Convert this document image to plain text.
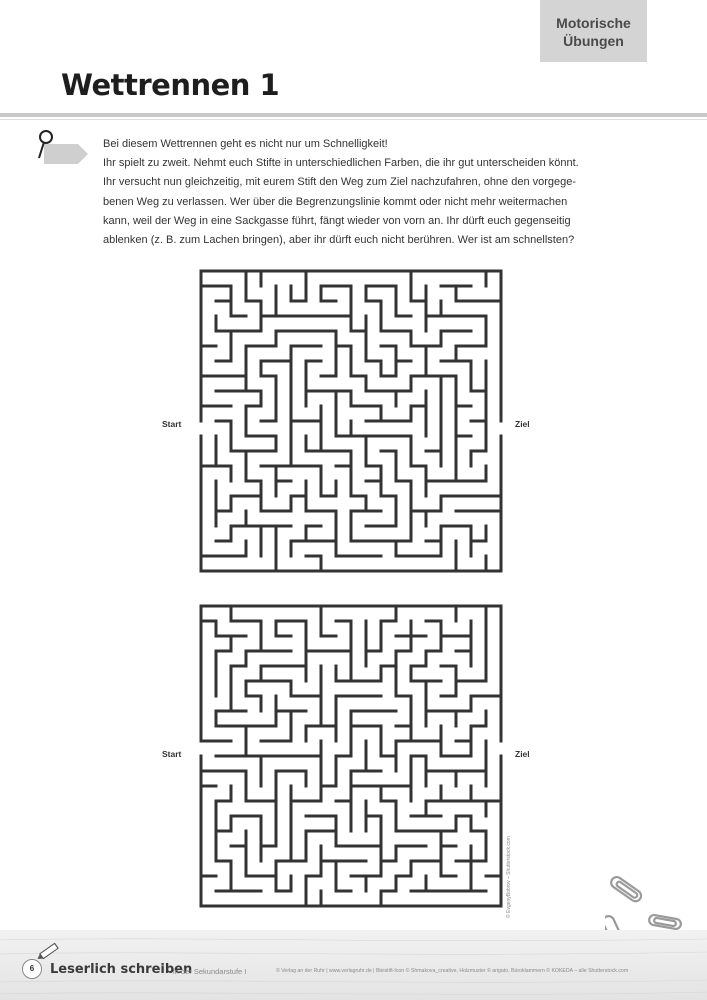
Motorische
Übungen
Wettrennen 1

Bei diesem Wettrennen geht es nicht nur um Schnelligkeit!

Ihr spielt zu zweit. Nehmt euch Stifte in unterschiedlichen Farben, die ihr gut unterscheiden könnt.

Ihr versucht nun gleichzeitig, mit eurem Stift den Weg zum Ziel nachzufahren, ohne den vorgege-

benen Weg zu verlassen. Wer über die Begrenzungslinie kommt oder nicht mehr weitermachen

kann, weil der Weg in eine Sackgasse führt, fängt wieder von vorn an. Ihr dürft euch gegenseitig

ablenken (z. B. zum Lachen bringen), aber ihr dürft euch nicht berühren. Wer ist am schnellsten?

Start	Ziel
Start	Ziel
© EvgenyBobrov – Shutterstock.com
6	Leserlich schreiben
in der Sekundarstufe I	© Verlag an der Ruhr | www.verlagruhr.de | Bleistift-Icon © Shmakova_creative, Holzmuster © arigato, Büroklammern © KOKEDA – alle Shutterstock.com
